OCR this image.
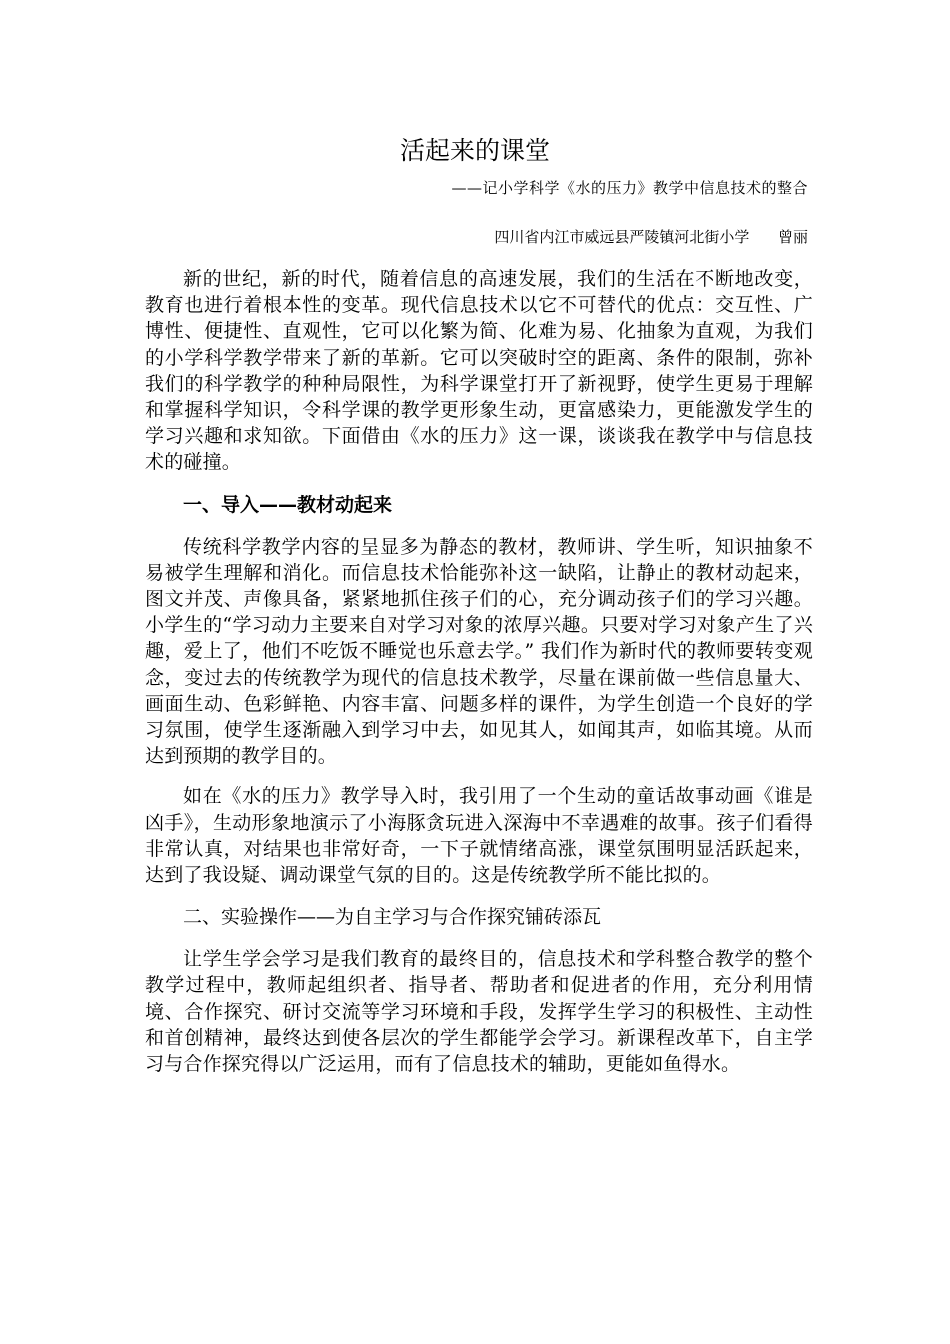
活起来的课堂
——记小学科学《水的压力》教学中信息技术的整合
四川省内江市威远县严陵镇河北街小学      曾丽

新的世纪，新的时代，随着信息的高速发展，我们的生活在不断地改变，教育也进行着根本性的变革。现代信息技术以它不可替代的优点：交互性、广博性、便捷性、直观性，它可以化繁为简、化难为易、化抽象为直观，为我们的小学科学教学带来了新的革新。它可以突破时空的距离、条件的限制，弥补我们的科学教学的种种局限性，为科学课堂打开了新视野，使学生更易于理解和掌握科学知识，令科学课的教学更形象生动，更富感染力，更能激发学生的学习兴趣和求知欲。下面借由《水的压力》这一课，谈谈我在教学中与信息技术的碰撞。

一、导入——教材动起来

传统科学教学内容的呈显多为静态的教材，教师讲、学生听，知识抽象不易被学生理解和消化。而信息技术恰能弥补这一缺陷，让静止的教材动起来，图文并茂、声像具备，紧紧地抓住孩子们的心，充分调动孩子们的学习兴趣。小学生的“学习动力主要来自对学习对象的浓厚兴趣。只要对学习对象产生了兴趣，爱上了，他们不吃饭不睡觉也乐意去学。” 我们作为新时代的教师要转变观念，变过去的传统教学为现代的信息技术教学，尽量在课前做一些信息量大、画面生动、色彩鲜艳、内容丰富、问题多样的课件，为学生创造一个良好的学习氛围，使学生逐渐融入到学习中去，如见其人，如闻其声，如临其境。从而达到预期的教学目的。

如在《水的压力》教学导入时，我引用了一个生动的童话故事动画《谁是凶手》，生动形象地演示了小海豚贪玩进入深海中不幸遇难的故事。孩子们看得非常认真，对结果也非常好奇，一下子就情绪高涨，课堂氛围明显活跃起来，达到了我设疑、调动课堂气氛的目的。这是传统教学所不能比拟的。

二、实验操作——为自主学习与合作探究铺砖添瓦

让学生学会学习是我们教育的最终目的，信息技术和学科整合教学的整个教学过程中，教师起组织者、指导者、帮助者和促进者的作用，充分利用情境、合作探究、研讨交流等学习环境和手段，发挥学生学习的积极性、主动性和首创精神，最终达到使各层次的学生都能学会学习。新课程改革下，自主学习与合作探究得以广泛运用，而有了信息技术的辅助，更能如鱼得水。
